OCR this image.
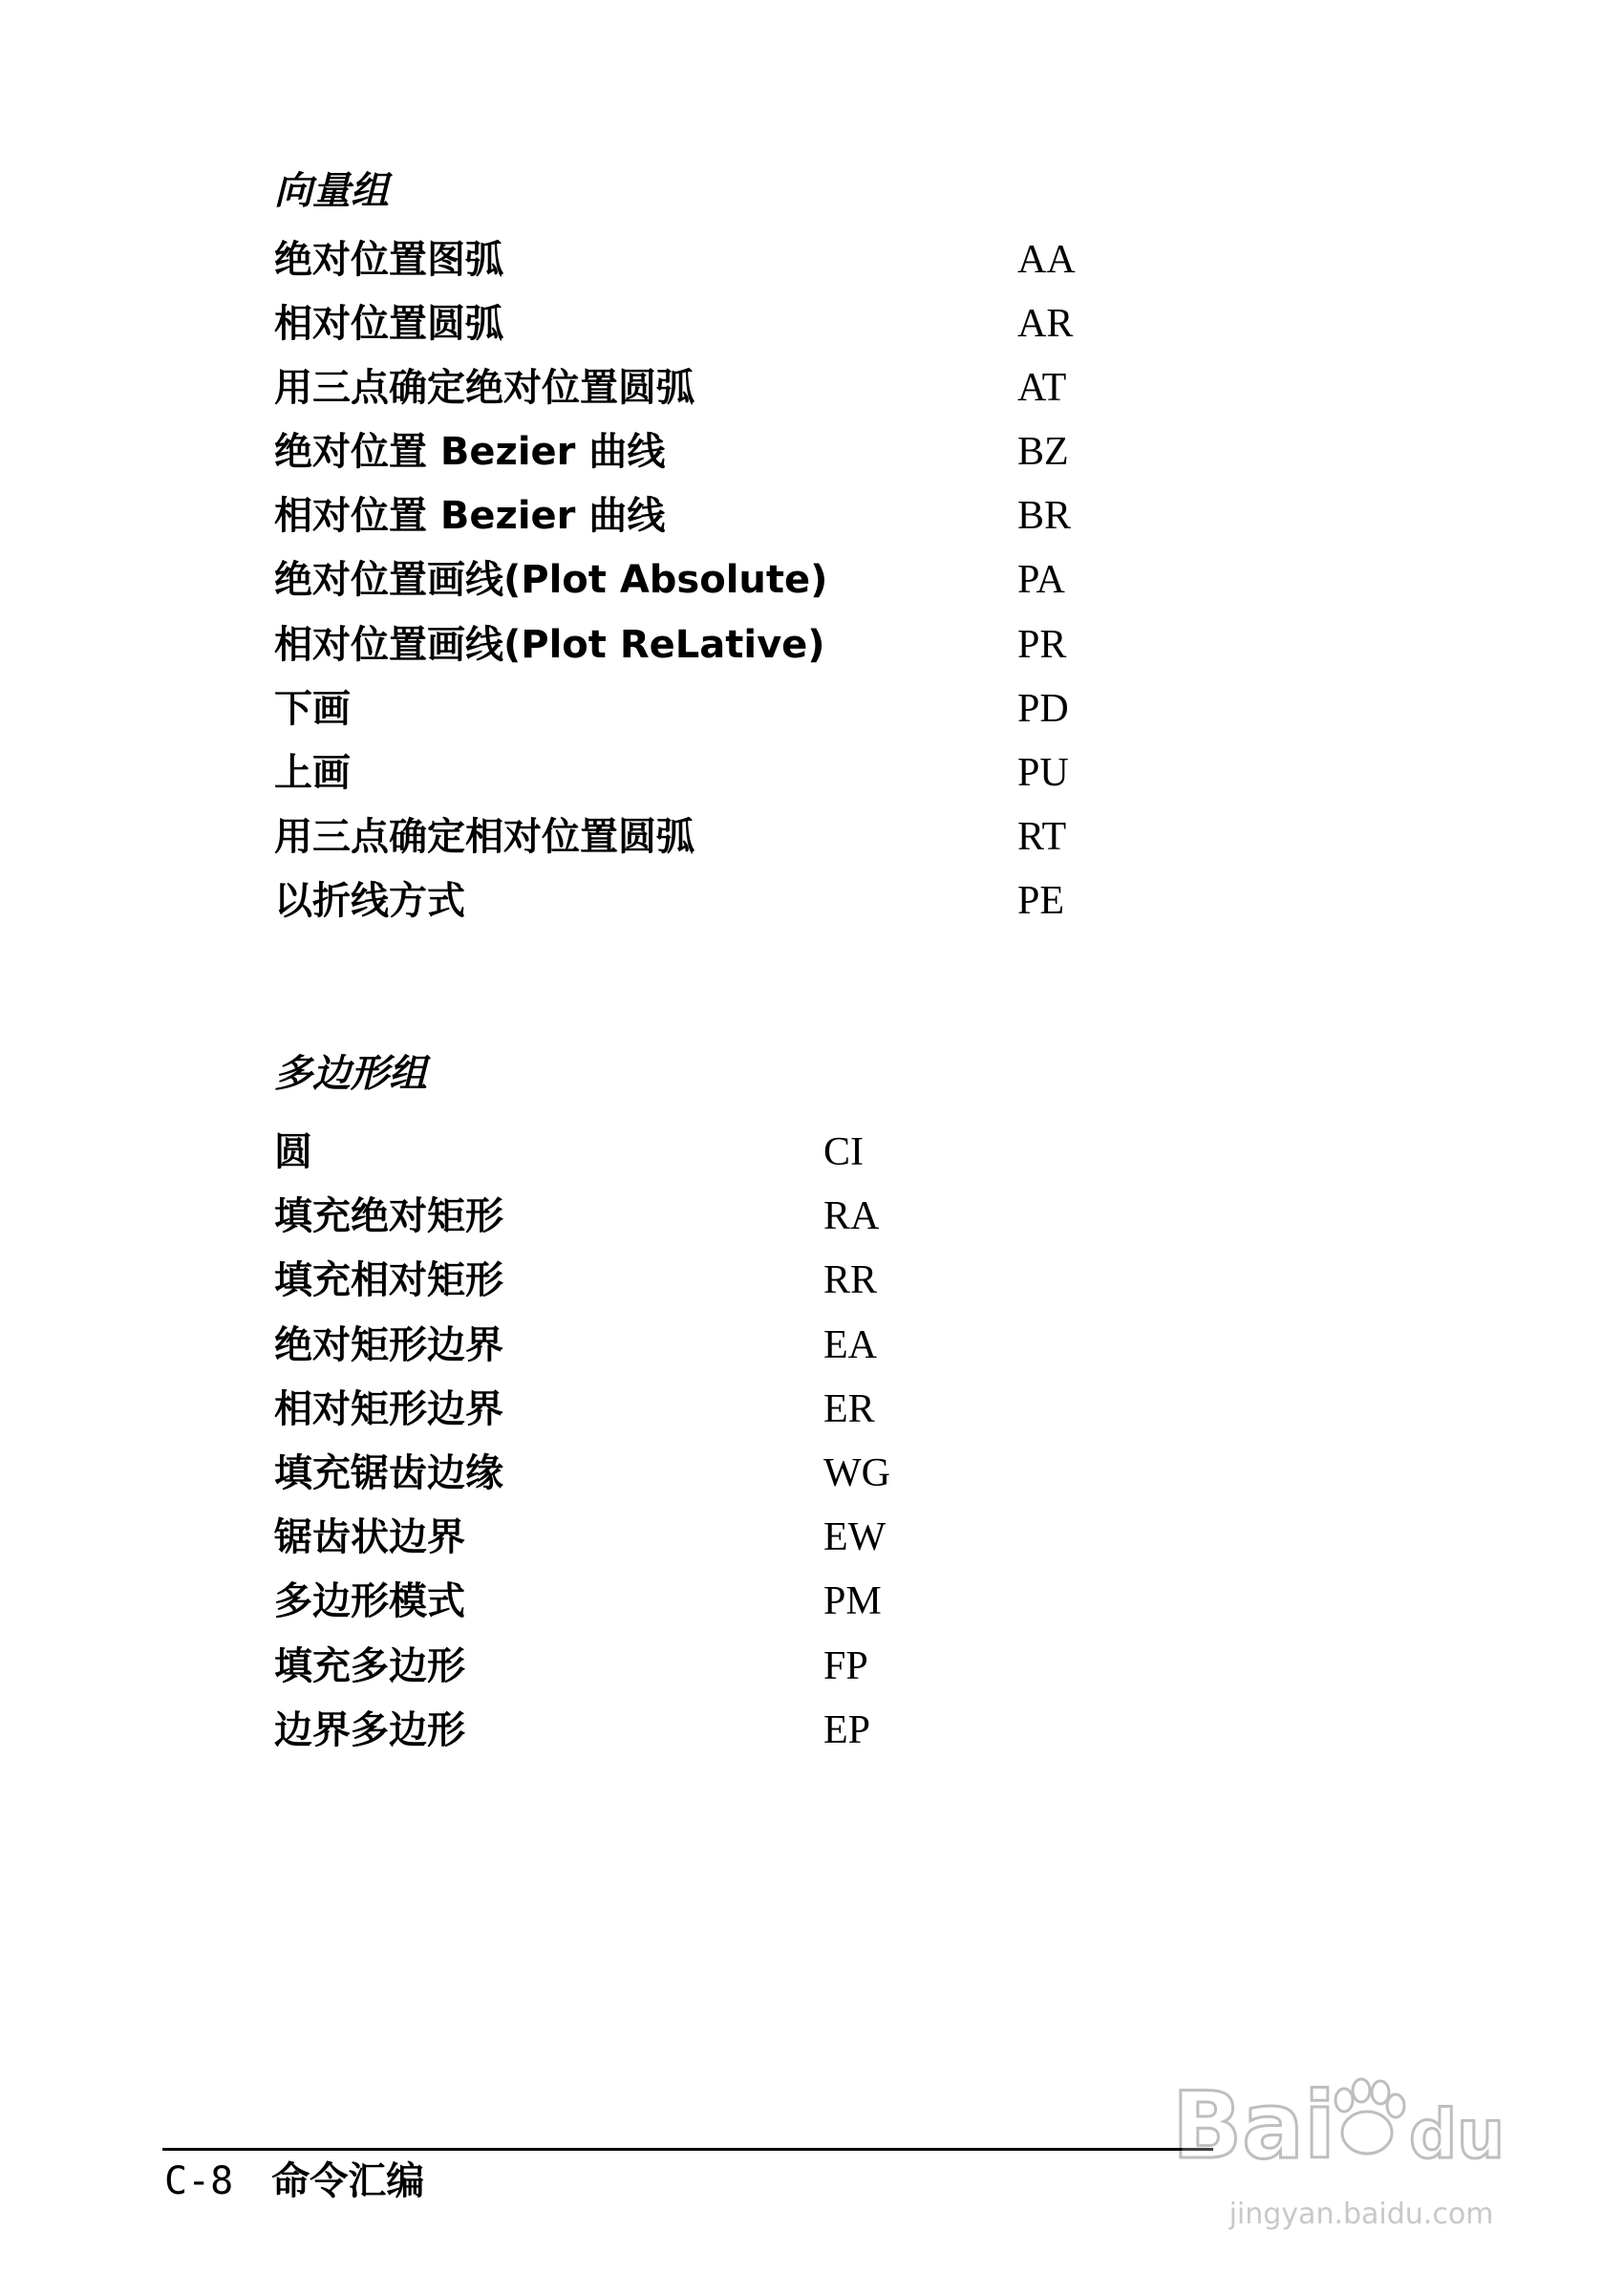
向量组
绝对位置图弧	AA
相对位置圆弧	AR
用三点确定绝对位置圆弧	AT
绝对位置 Bezier 曲线	BZ
相对位置 Bezier 曲线	BR
绝对位置画线(Plot Absolute)	PA
相对位置画线(Plot ReLative)	PR
下画	PD
上画	PU
用三点确定相对位置圆弧	RT
以折线方式	PE
多边形组
圆	CI
填充绝对矩形	RA
填充相对矩形	RR
绝对矩形边界	EA
相对矩形边界	ER
填充锯齿边缘	WG
锯齿状边界	EW
多边形模式	PM
填充多边形	FP
边界多边形	EP
C-8 命令汇编
Bai du
jingyan.baidu.com
